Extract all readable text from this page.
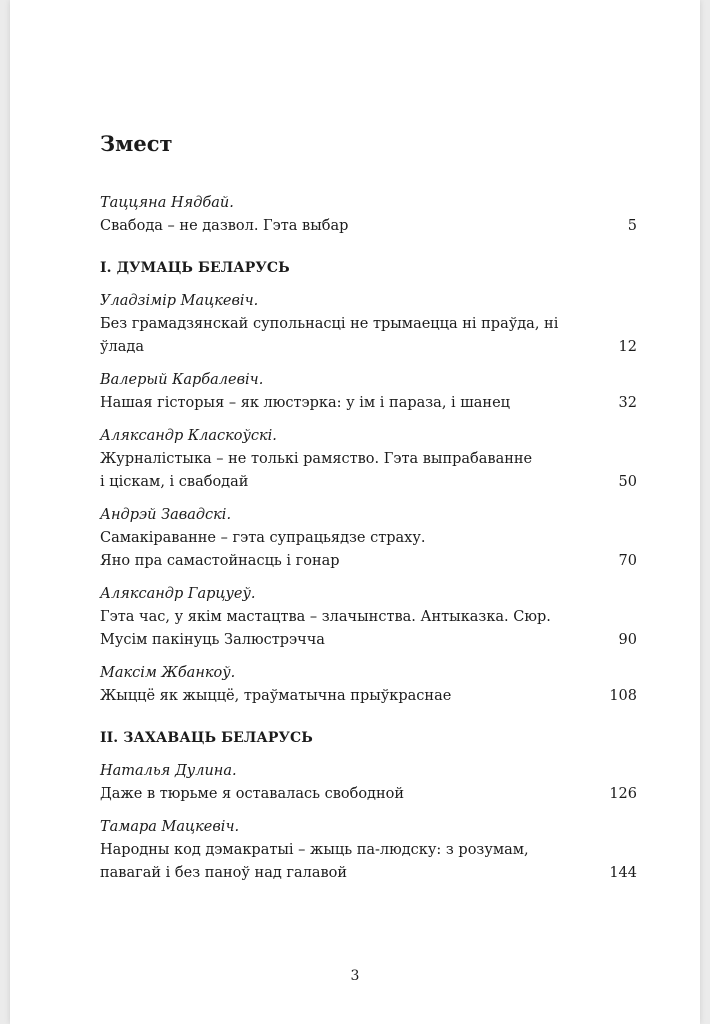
Змест
Таццяна Нядбай.
Свабода – не дазвол. Гэта выбар	5
I. ДУМАЦЬ БЕЛАРУСЬ
Уладзімір Мацкевіч.
Без грамадзянскай супольнасці не трымаецца ні праўда, ні
ўлада	12
Валерый Карбалевіч.
Нашая гісторыя – як люстэрка: у ім і параза, і шанец	32
Аляксандр Класкоўскі.
Журналістыка – не толькі рамяство. Гэта выпрабаванне
і ціскам, і свабодай	50
Андрэй Завадскі.
Самакіраванне – гэта супрацьядзе страху.
Яно пра самастойнасць і гонар	70
Аляксандр Гарцуеў.
Гэта час, у якім мастацтва – злачынства. Антыказка. Сюр.
Мусім пакінуць Залюстрэчча	90
Максім Жбанкоў.
Жыццё як жыццё, траўматычна прыўкраснае	108
II. ЗАХАВАЦЬ БЕЛАРУСЬ
Наталья Дулина.
Даже в тюрьме я оставалась свободной	126
Тамара Мацкевіч.
Народны код дэмакратыі – жыць па-людску: з розумам,
павагай і без паноў над галавой	144
3
